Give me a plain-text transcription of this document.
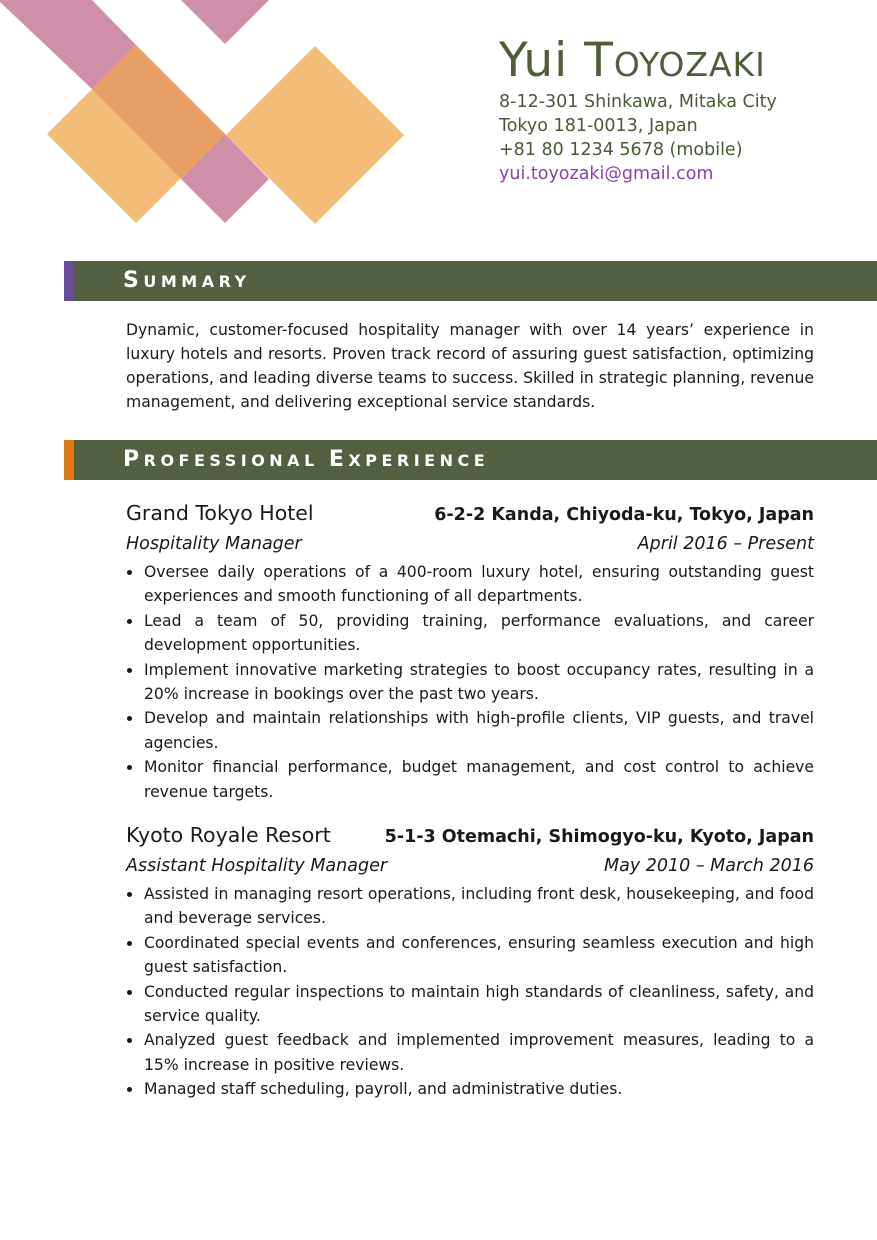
Yui Toyozaki
8-12-301 Shinkawa, Mitaka City
Tokyo 181-0013, Japan
+81 80 1234 5678 (mobile)
yui.toyozaki@gmail.com
SUMMARY
Dynamic, customer-focused hospitality manager with over 14 years’ experience in luxury hotels and resorts. Proven track record of assuring guest satisfaction, optimizing operations, and leading diverse teams to success. Skilled in strategic planning, revenue management, and delivering exceptional service standards.
PROFESSIONAL EXPERIENCE
Grand Tokyo Hotel	6-2-2 Kanda, Chiyoda-ku, Tokyo, Japan
Hospitality Manager	April 2016 – Present
Oversee daily operations of a 400-room luxury hotel, ensuring outstanding guest experiences and smooth functioning of all departments.
Lead a team of 50, providing training, performance evaluations, and career development opportunities.
Implement innovative marketing strategies to boost occupancy rates, resulting in a 20% increase in bookings over the past two years.
Develop and maintain relationships with high-profile clients, VIP guests, and travel agencies.
Monitor financial performance, budget management, and cost control to achieve revenue targets.
Kyoto Royale Resort	5-1-3 Otemachi, Shimogyo-ku, Kyoto, Japan
Assistant Hospitality Manager	May 2010 – March 2016
Assisted in managing resort operations, including front desk, housekeeping, and food and beverage services.
Coordinated special events and conferences, ensuring seamless execution and high guest satisfaction.
Conducted regular inspections to maintain high standards of cleanliness, safety, and service quality.
Analyzed guest feedback and implemented improvement measures, leading to a 15% increase in positive reviews.
Managed staff scheduling, payroll, and administrative duties.
